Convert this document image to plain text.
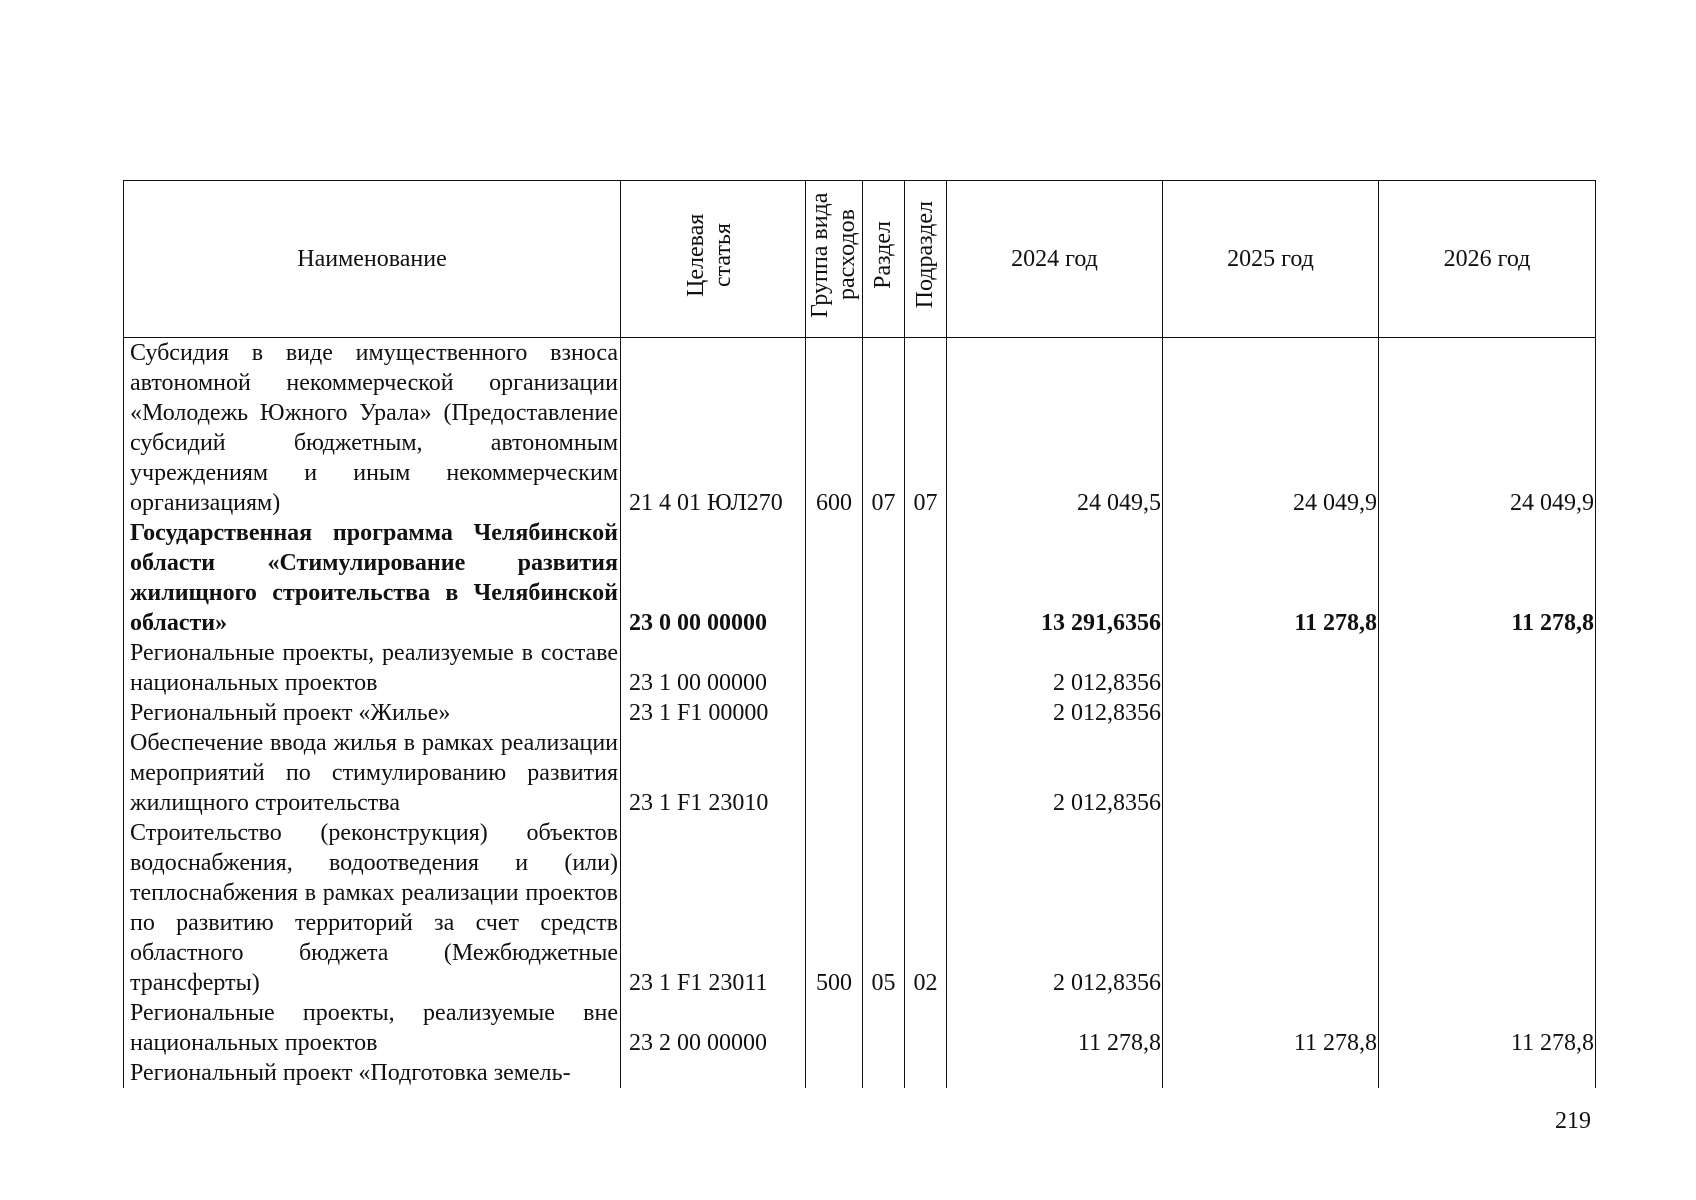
Наименование	Целевая статья	Группа вида расходов	Раздел	Подраздел	2024 год	2025 год	2026 год
Субсидия в виде имущественного взноса автономной некоммерческой организации «Молодежь Южного Урала» (Предоставление субсидий бюджетным, автономным учреждениям и иным некоммерческим организациям)	21 4 01 ЮЛ270	600	07	07	24 049,5	24 049,9	24 049,9
Государственная программа Челябинской области «Стимулирование развития жилищного строительства в Челябинской области»	23 0 00 00000				13 291,6356	11 278,8	11 278,8
Региональные проекты, реализуемые в составе национальных проектов	23 1 00 00000				2 012,8356		
Региональный проект «Жилье»	23 1 F1 00000				2 012,8356		
Обеспечение ввода жилья в рамках реализации мероприятий по стимулированию развития жилищного строительства	23 1 F1 23010				2 012,8356		
Строительство (реконструкция) объектов водоснабжения, водоотведения и (или) теплоснабжения в рамках реализации проектов по развитию территорий за счет средств областного бюджета (Межбюджетные трансферты)	23 1 F1 23011	500	05	02	2 012,8356		
Региональные проекты, реализуемые вне национальных проектов	23 2 00 00000				11 278,8	11 278,8	11 278,8
Региональный проект «Подготовка земель-							
219
